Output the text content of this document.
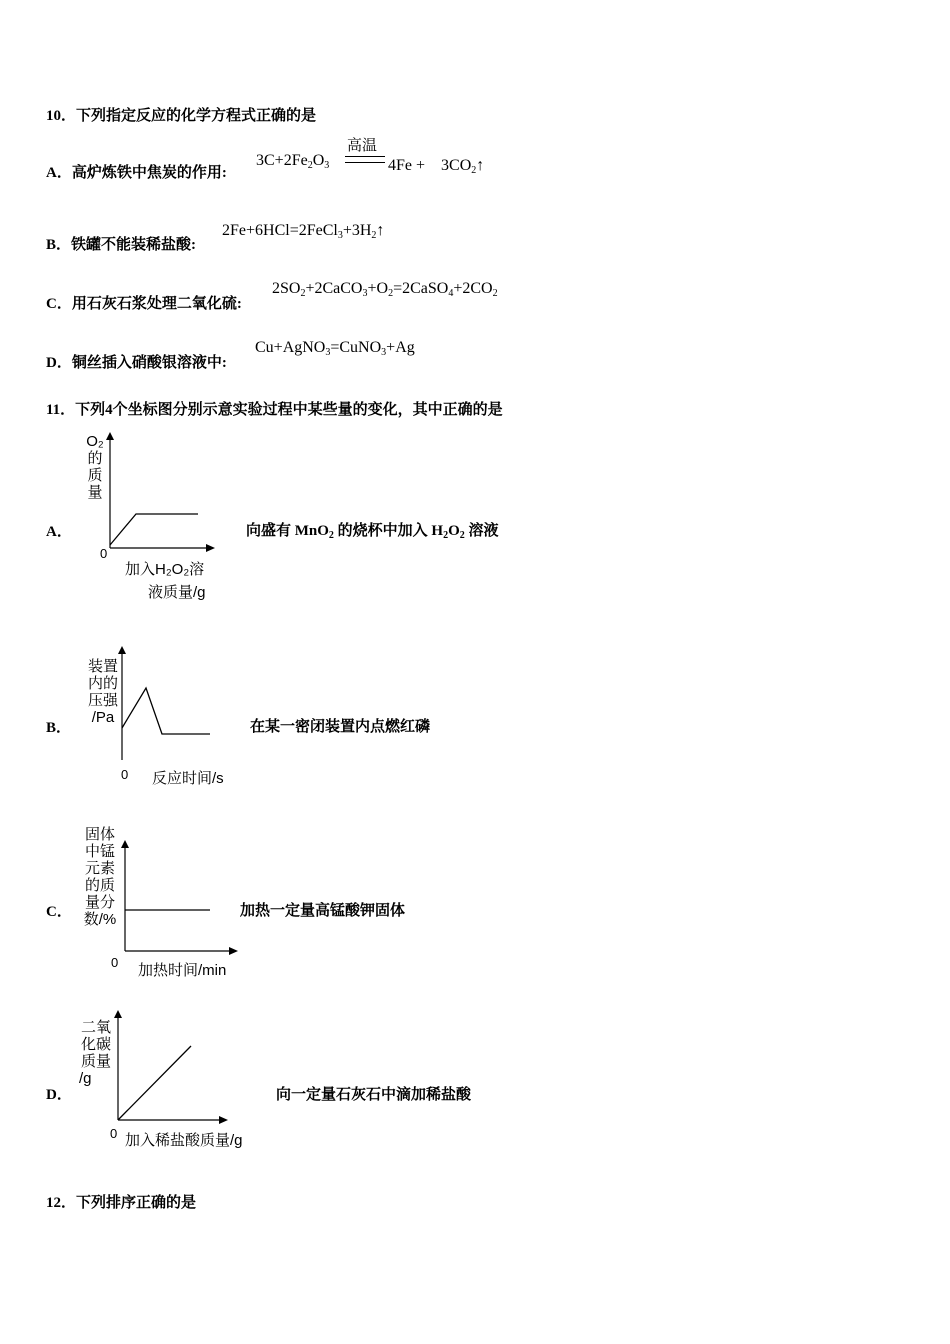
10．下列指定反应的化学方程式正确的是
A．高炉炼铁中焦炭的作用:
$3C+2Fe_2O_3$
高温
4Fe +　$3CO_2↑$
B．铁罐不能装稀盐酸:
$2Fe+6HCl=2FeCl_3+3H_2↑$
C．用石灰石浆处理二氧化硫:
$2SO_2+2CaCO_3+O_2=2CaSO_4+2CO_2$
D．铜丝插入硝酸银溶液中:
Cu+AgNO$_3$=CuNO$_3$+Ag
11．下列4个坐标图分别示意实验过程中某些量的变化，其中正确的是
A．
O₂
的
质
量
0
加入H₂O₂溶
液质量/g
向盛有 MnO$_2$ 的烧杯中加入 $H_2O_2$ 溶液
B．
装置
内的
压强
/Pa
0 反应时间/s
在某一密闭装置内点燃红磷
C．
固体
中锰
元素
的质
量分
数/%
0 加热时间/min
加热一定量高锰酸钾固体
D．
二氧
化碳
质量
/g
0 加入稀盐酸质量/g
向一定量石灰石中滴加稀盐酸
12．下列排序正确的是
